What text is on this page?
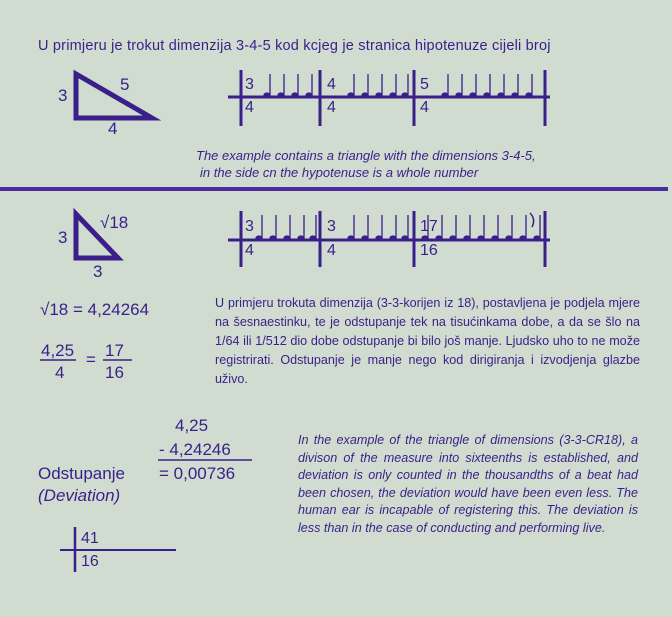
U primjeru je trokut dimenzija 3-4-5 kod kcjeg je stranica hipotenuze cijeli broj
3
5
4
3
4
4
4
5
4
The example contains a triangle with the dimensions 3-4-5,
in the side cn the hypotenuse is a whole number
3
√18
3
3
4
3
4
17
16
√18 = 4,24264
4,25
4
= 17
16
U primjeru trokuta dimenzija (3-3-korijen iz 18), postavljena je podjela mjere na šesnaestinku, te je odstupanje tek na tisućinkama dobe, a da se šlo na 1/64 ili 1/512 dio dobe odstupanje bi bilo još manje. Ljudsko uho to ne može registrirati. Odstupanje je manje nego kod dirigiranja i izvodjenja glazbe uživo.
4,25
- 4,24246
= 0,00736
Odstupanje
(Deviation)
41
16
In the example of the triangle of dimensions (3-3-CR18), a divison of the measure into sixteenths is established, and deviation is only counted in the thousandths of a beat had been chosen, the deviation would have been even less. The human ear is incapable of registering this. The deviation is less than in the case of conducting and performing live.
